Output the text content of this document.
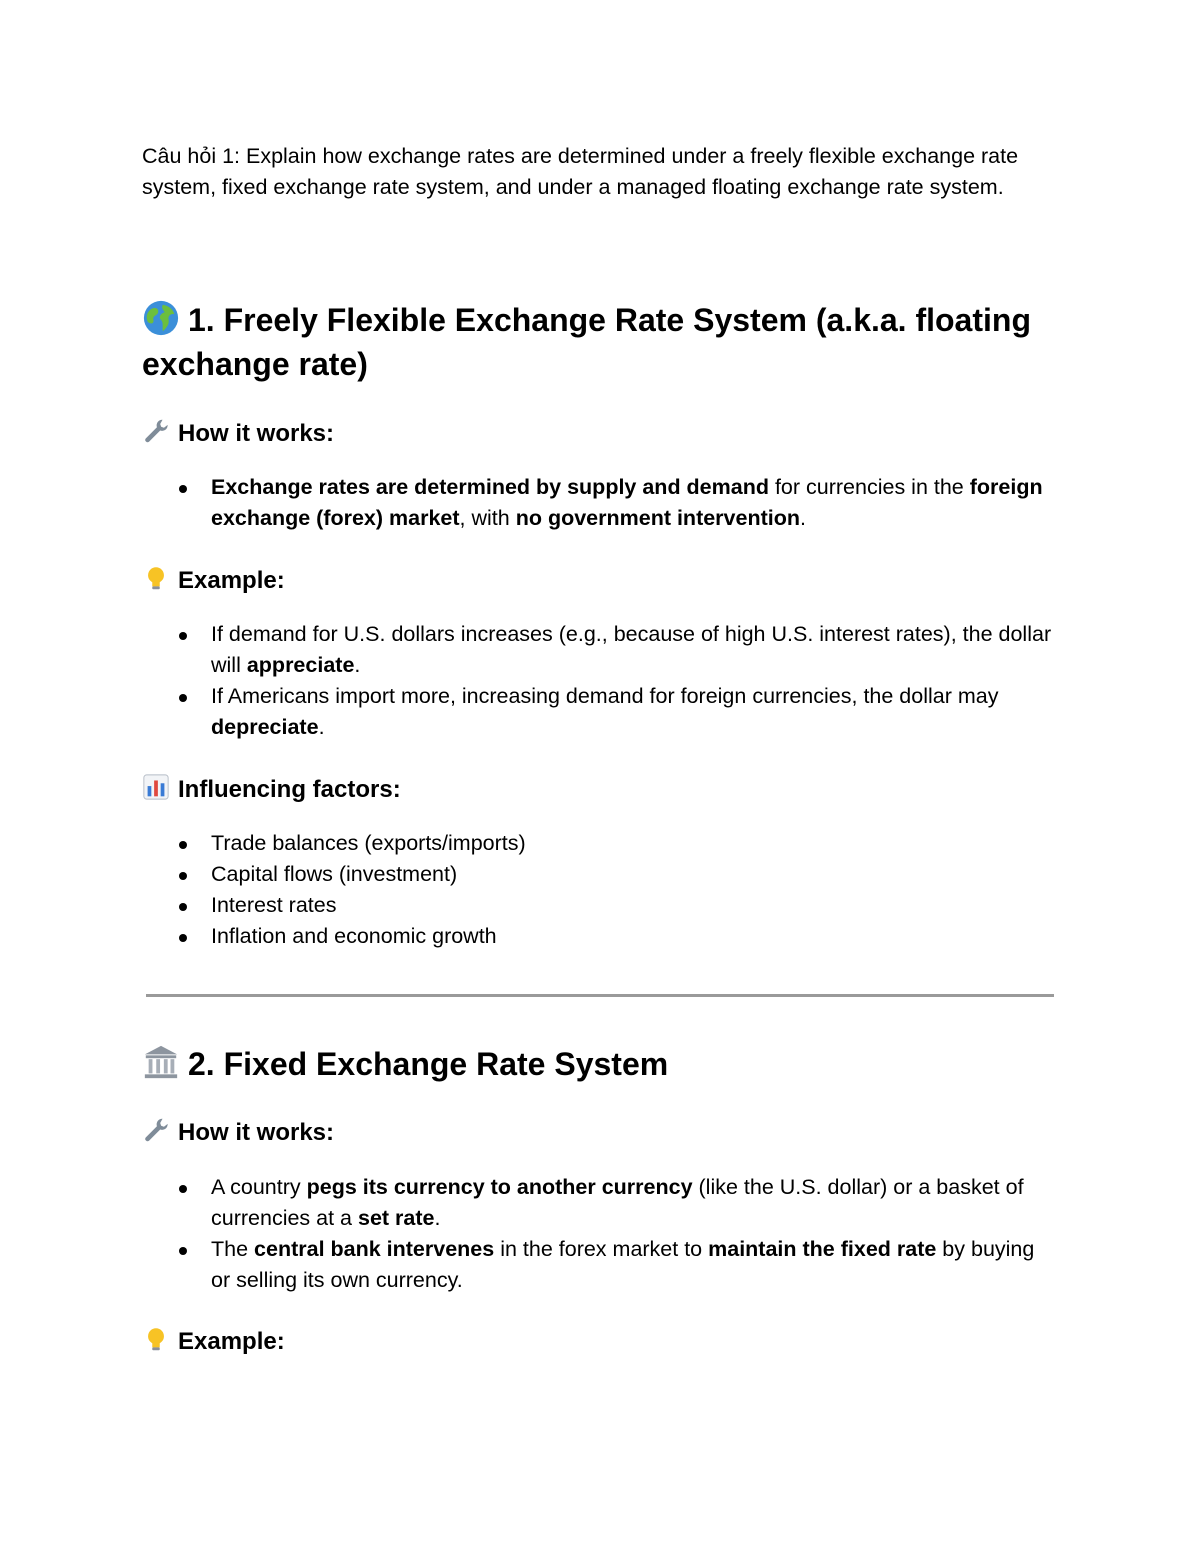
Câu hỏi 1: Explain how exchange rates are determined under a freely flexible exchange rate system, fixed exchange rate system, and under a managed floating exchange rate system.

1. Freely Flexible Exchange Rate System (a.k.a. floating exchange rate)
How it works:
Exchange rates are determined by supply and demand for currencies in the foreign exchange (forex) market, with no government intervention.
Example:
If demand for U.S. dollars increases (e.g., because of high U.S. interest rates), the dollar will appreciate.
If Americans import more, increasing demand for foreign currencies, the dollar may depreciate.
Influencing factors:
Trade balances (exports/imports)
Capital flows (investment)
Interest rates
Inflation and economic growth
2. Fixed Exchange Rate System
How it works:
A country pegs its currency to another currency (like the U.S. dollar) or a basket of currencies at a set rate.
The central bank intervenes in the forex market to maintain the fixed rate by buying or selling its own currency.
Example:
